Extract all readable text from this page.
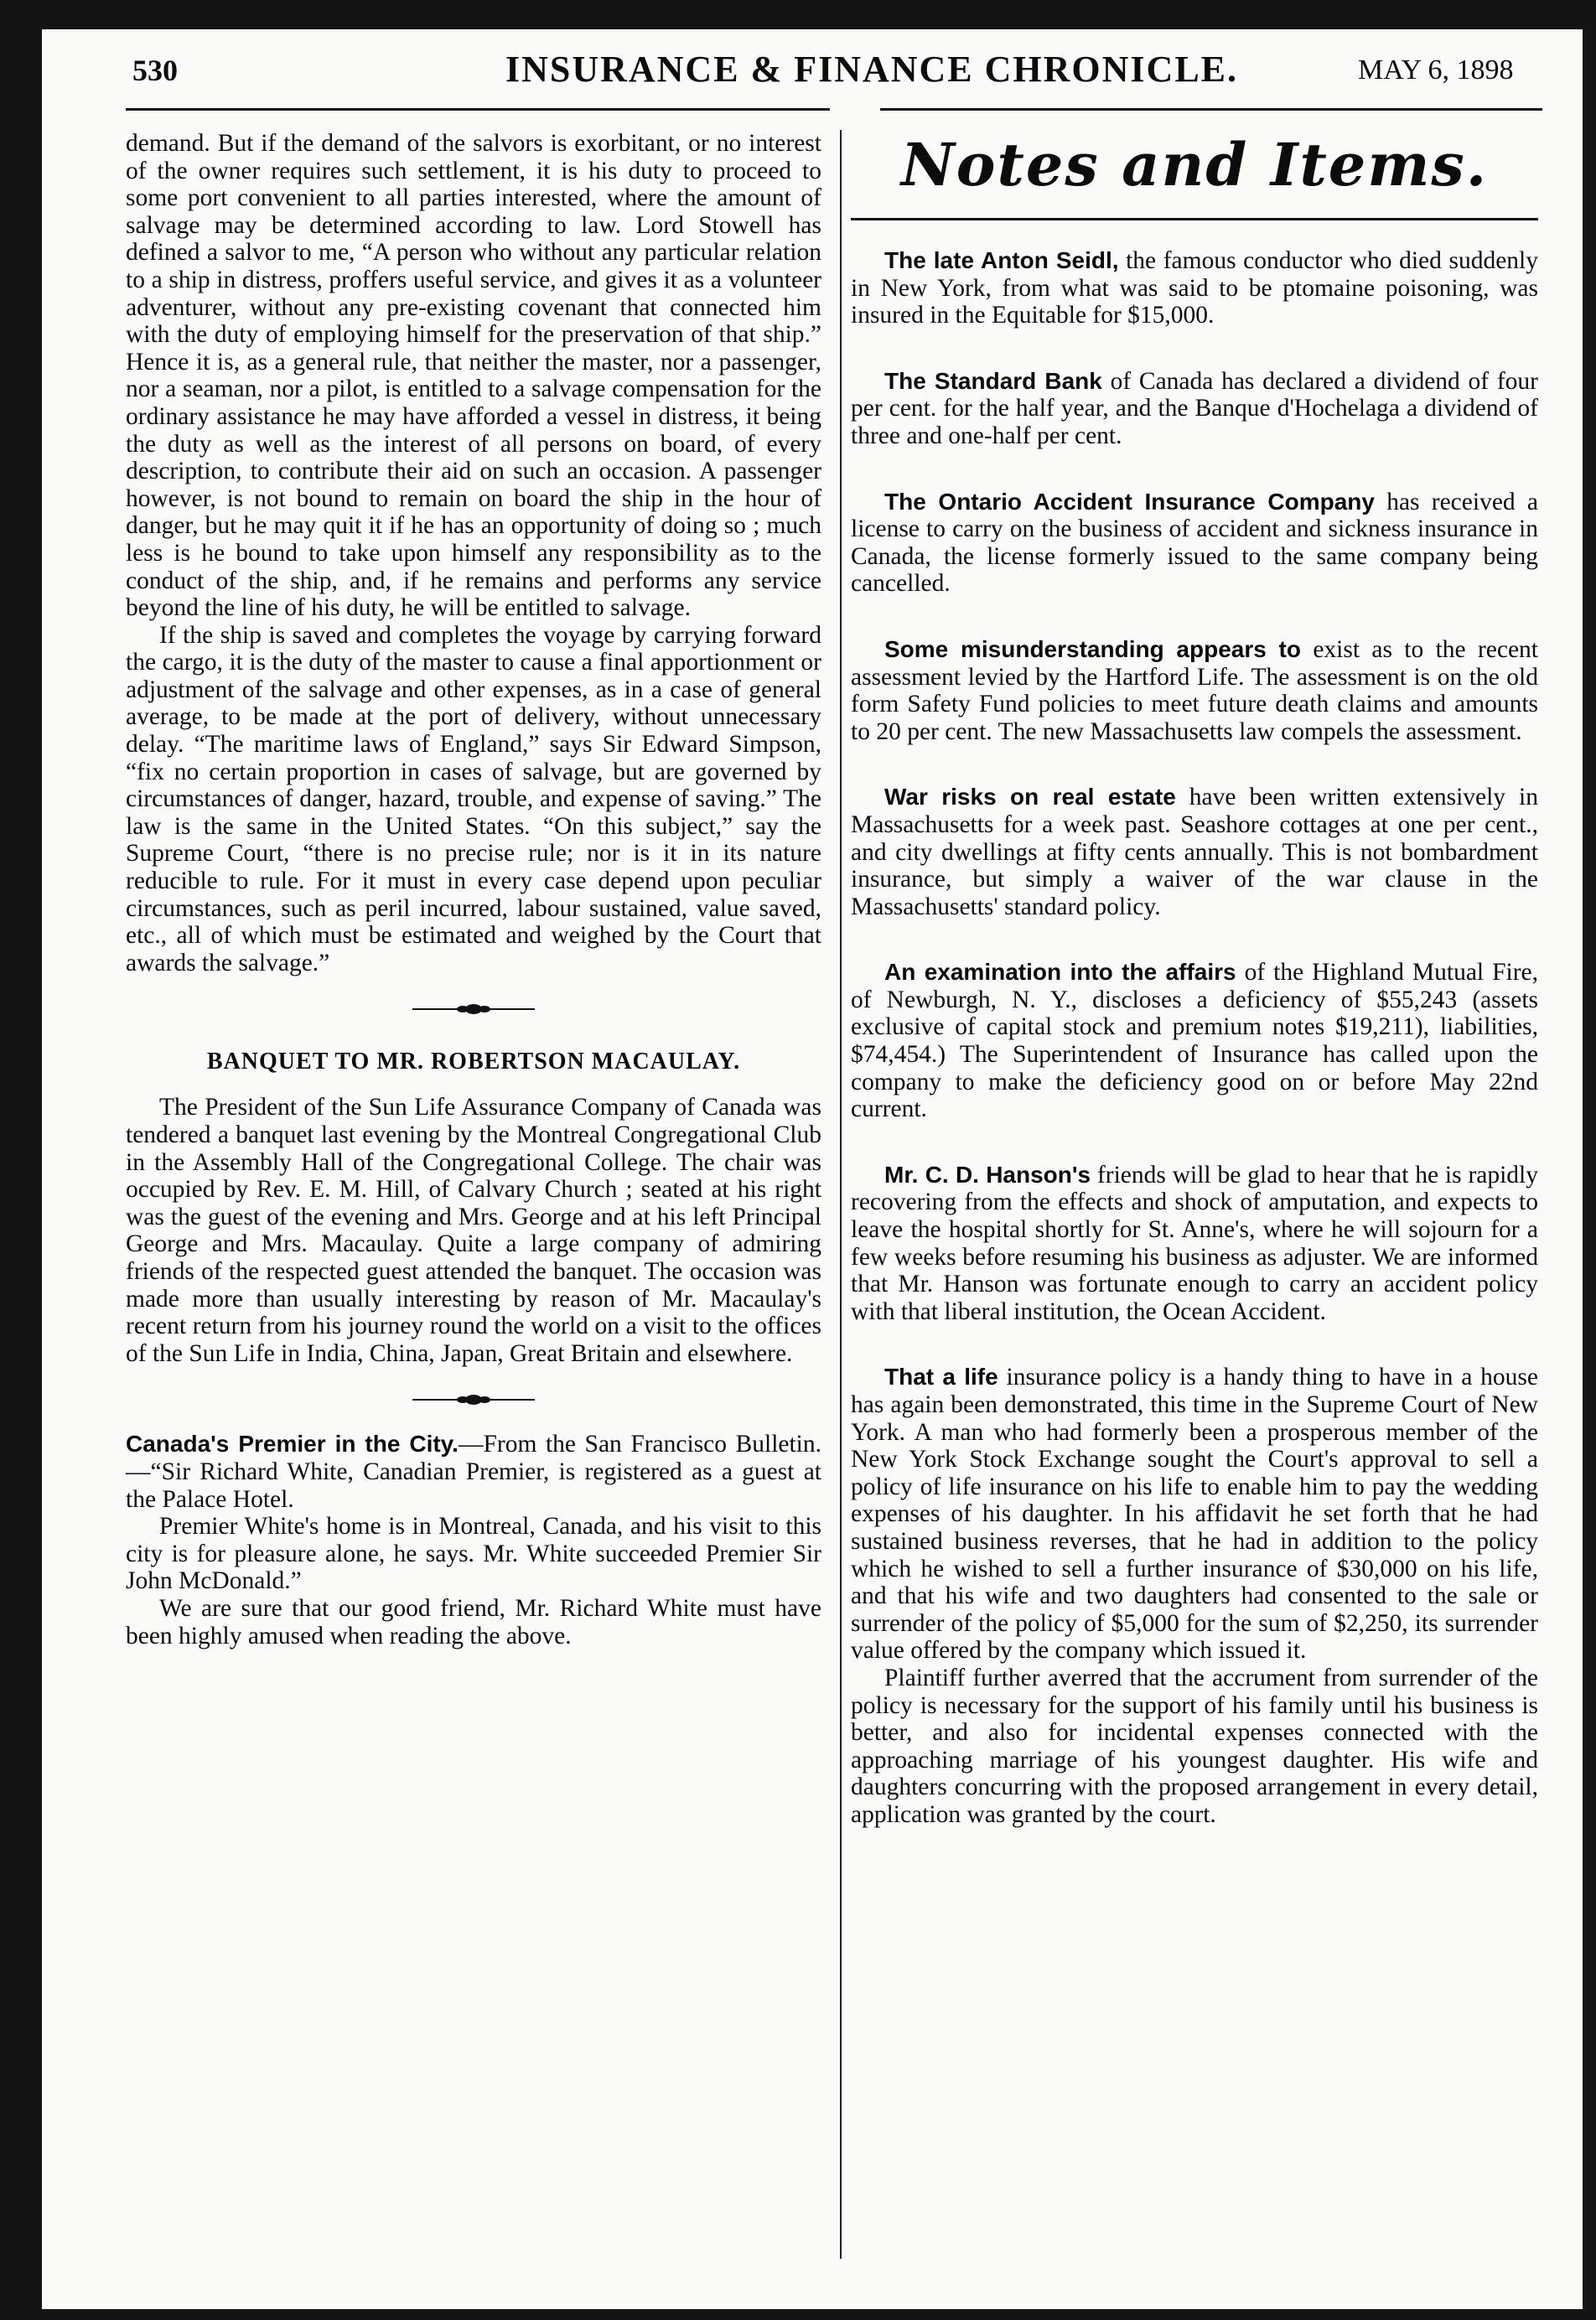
530	INSURANCE & FINANCE CHRONICLE.	MAY 6, 1898

demand. But if the demand of the salvors is exorbitant, or no interest of the owner requires such settlement, it is his duty to proceed to some port convenient to all parties interested, where the amount of salvage may be determined according to law. Lord Stowell has defined a salvor to me, “A person who without any particular relation to a ship in distress, proffers useful service, and gives it as a volunteer adventurer, without any pre-existing covenant that connected him with the duty of employing himself for the preservation of that ship.” Hence it is, as a general rule, that neither the master, nor a passenger, nor a seaman, nor a pilot, is entitled to a salvage compensation for the ordinary assistance he may have afforded a vessel in distress, it being the duty as well as the interest of all persons on board, of every description, to contribute their aid on such an occasion. A passenger however, is not bound to remain on board the ship in the hour of danger, but he may quit it if he has an opportunity of doing so ; much less is he bound to take upon himself any responsibility as to the conduct of the ship, and, if he remains and performs any service beyond the line of his duty, he will be entitled to salvage.

If the ship is saved and completes the voyage by carrying forward the cargo, it is the duty of the master to cause a final apportionment or adjustment of the salvage and other expenses, as in a case of general average, to be made at the port of delivery, without unnecessary delay. “The maritime laws of England,” says Sir Edward Simpson, “fix no certain proportion in cases of salvage, but are governed by circumstances of danger, hazard, trouble, and expense of saving.” The law is the same in the United States. “On this subject,” say the Supreme Court, “there is no precise rule; nor is it in its nature reducible to rule. For it must in every case depend upon peculiar circumstances, such as peril incurred, labour sustained, value saved, etc., all of which must be estimated and weighed by the Court that awards the salvage.”

BANQUET TO MR. ROBERTSON MACAULAY.

The President of the Sun Life Assurance Company of Canada was tendered a banquet last evening by the Montreal Congregational Club in the Assembly Hall of the Congregational College. The chair was occupied by Rev. E. M. Hill, of Calvary Church ; seated at his right was the guest of the evening and Mrs. George and at his left Principal George and Mrs. Macaulay. Quite a large company of admiring friends of the respected guest attended the banquet. The occasion was made more than usually interesting by reason of Mr. Macaulay's recent return from his journey round the world on a visit to the offices of the Sun Life in India, China, Japan, Great Britain and elsewhere.

Canada's Premier in the City.—From the San Francisco Bulletin.—“Sir Richard White, Canadian Premier, is registered as a guest at the Palace Hotel.

Premier White's home is in Montreal, Canada, and his visit to this city is for pleasure alone, he says. Mr. White succeeded Premier Sir John McDonald.”

We are sure that our good friend, Mr. Richard White must have been highly amused when reading the above.

Notes and Items.

The late Anton Seidl, the famous conductor who died suddenly in New York, from what was said to be ptomaine poisoning, was insured in the Equitable for $15,000.

The Standard Bank of Canada has declared a dividend of four per cent. for the half year, and the Banque d'Hochelaga a dividend of three and one-half per cent.

The Ontario Accident Insurance Company has received a license to carry on the business of accident and sickness insurance in Canada, the license formerly issued to the same company being cancelled.

Some misunderstanding appears to exist as to the recent assessment levied by the Hartford Life. The assessment is on the old form Safety Fund policies to meet future death claims and amounts to 20 per cent. The new Massachusetts law compels the assessment.

War risks on real estate have been written extensively in Massachusetts for a week past. Seashore cottages at one per cent., and city dwellings at fifty cents annually. This is not bombardment insurance, but simply a waiver of the war clause in the Massachusetts' standard policy.

An examination into the affairs of the Highland Mutual Fire, of Newburgh, N. Y., discloses a deficiency of $55,243 (assets exclusive of capital stock and premium notes $19,211), liabilities, $74,454.) The Superintendent of Insurance has called upon the company to make the deficiency good on or before May 22nd current.

Mr. C. D. Hanson's friends will be glad to hear that he is rapidly recovering from the effects and shock of amputation, and expects to leave the hospital shortly for St. Anne's, where he will sojourn for a few weeks before resuming his business as adjuster. We are informed that Mr. Hanson was fortunate enough to carry an accident policy with that liberal institution, the Ocean Accident.

That a life insurance policy is a handy thing to have in a house has again been demonstrated, this time in the Supreme Court of New York. A man who had formerly been a prosperous member of the New York Stock Exchange sought the Court's approval to sell a policy of life insurance on his life to enable him to pay the wedding expenses of his daughter. In his affidavit he set forth that he had sustained business reverses, that he had in addition to the policy which he wished to sell a further insurance of $30,000 on his life, and that his wife and two daughters had consented to the sale or surrender of the policy of $5,000 for the sum of $2,250, its surrender value offered by the company which issued it.

Plaintiff further averred that the accrument from surrender of the policy is necessary for the support of his family until his business is better, and also for incidental expenses connected with the approaching marriage of his youngest daughter. His wife and daughters concurring with the proposed arrangement in every detail, application was granted by the court.
